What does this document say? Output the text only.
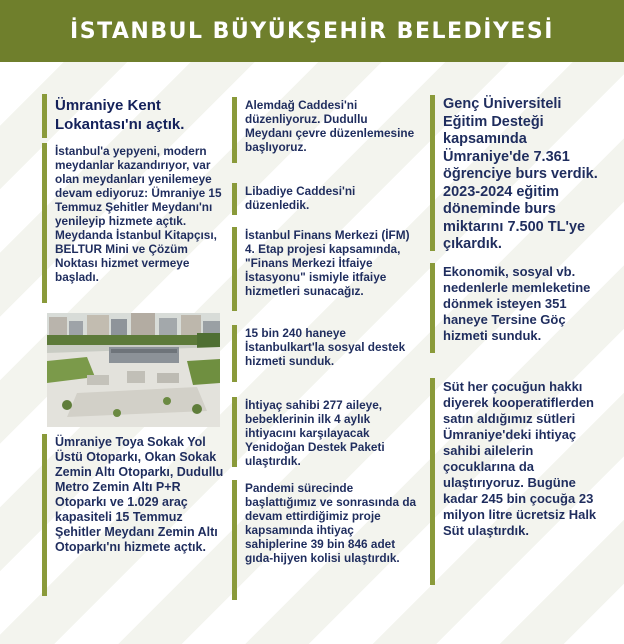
İSTANBUL BÜYÜKŞEHİR BELEDİYESİ
Ümraniye Kent Lokantası'nı açtık.
İstanbul'a yepyeni, modern meydanlar kazandırıyor, var olan meydanları yenilemeye devam ediyoruz: Ümraniye 15 Temmuz Şehitler Meydanı'nı yenileyip hizmete açtık. Meydanda İstanbul Kitapçısı, BELTUR Mini ve Çözüm Noktası hizmet vermeye başladı.
Ümraniye Toya Sokak Yol Üstü Otoparkı, Okan Sokak Zemin Altı Otoparkı, Dudullu Metro Zemin Altı P+R Otoparkı ve 1.029 araç kapasiteli 15 Temmuz Şehitler Meydanı Zemin Altı Otoparkı'nı hizmete açtık.
Alemdağ Caddesi'ni düzenliyoruz. Dudullu Meydanı çevre düzenlemesine başlıyoruz.
Libadiye Caddesi'ni düzenledik.
İstanbul Finans Merkezi (İFM) 4. Etap projesi kapsamında, "Finans Merkezi İtfaiye İstasyonu" ismiyle itfaiye hizmetleri sunacağız.
15 bin 240 haneye İstanbulkart'la sosyal destek hizmeti sunduk.
İhtiyaç sahibi 277 aileye, bebeklerinin ilk 4 aylık ihtiyacını karşılayacak Yenidoğan Destek Paketi ulaştırdık.
Pandemi sürecinde başlattığımız ve sonrasında da devam ettirdiğimiz proje kapsamında ihtiyaç sahiplerine 39 bin 846 adet gıda-hijyen kolisi ulaştırdık.
Genç Üniversiteli Eğitim Desteği kapsamında Ümraniye'de 7.361 öğrenciye burs verdik. 2023-2024 eğitim döneminde burs miktarını 7.500 TL'ye çıkardık.
Ekonomik, sosyal vb. nedenlerle memleketine dönmek isteyen 351 haneye Tersine Göç hizmeti sunduk.
Süt her çocuğun hakkı diyerek kooperatiflerden satın aldığımız sütleri Ümraniye'deki ihtiyaç sahibi ailelerin çocuklarına da ulaştırıyoruz. Bugüne kadar 245 bin çocuğa 23 milyon litre ücretsiz Halk Süt ulaştırdık.
